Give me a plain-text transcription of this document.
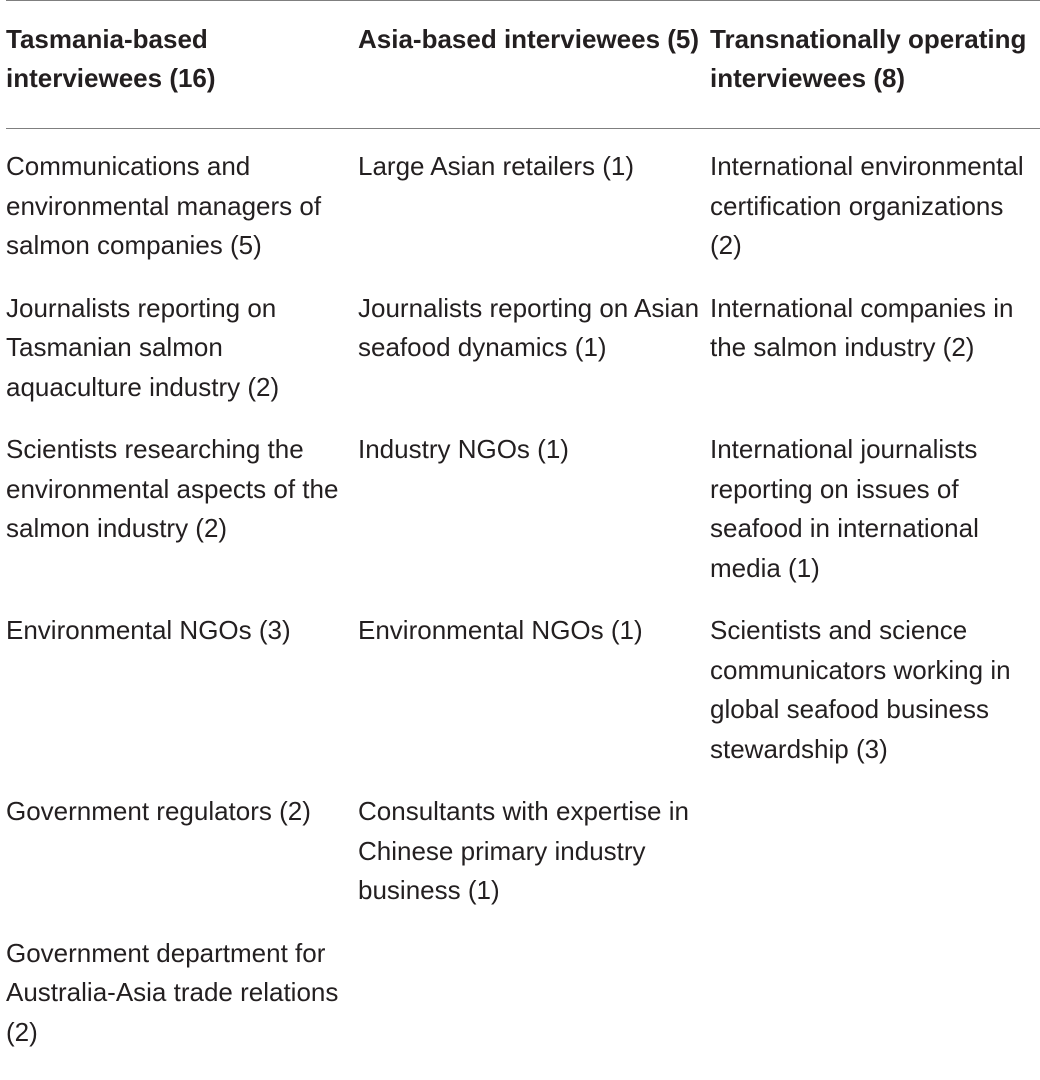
Tasmania-based interviewees (16)	Asia-based interviewees (5)	Transnationally operating interviewees (8)
Communications and environmental managers of salmon companies (5)	Large Asian retailers (1)	International environmental certification organizations (2)
Journalists reporting on Tasmanian salmon aquaculture industry (2)	Journalists reporting on Asian seafood dynamics (1)	International companies in the salmon industry (2)
Scientists researching the environmental aspects of the salmon industry (2)	Industry NGOs (1)	International journalists reporting on issues of seafood in international media (1)
Environmental NGOs (3)	Environmental NGOs (1)	Scientists and science communicators working in global seafood business stewardship (3)
Government regulators (2)	Consultants with expertise in Chinese primary industry business (1)	
Government department for Australia-Asia trade relations (2)		
